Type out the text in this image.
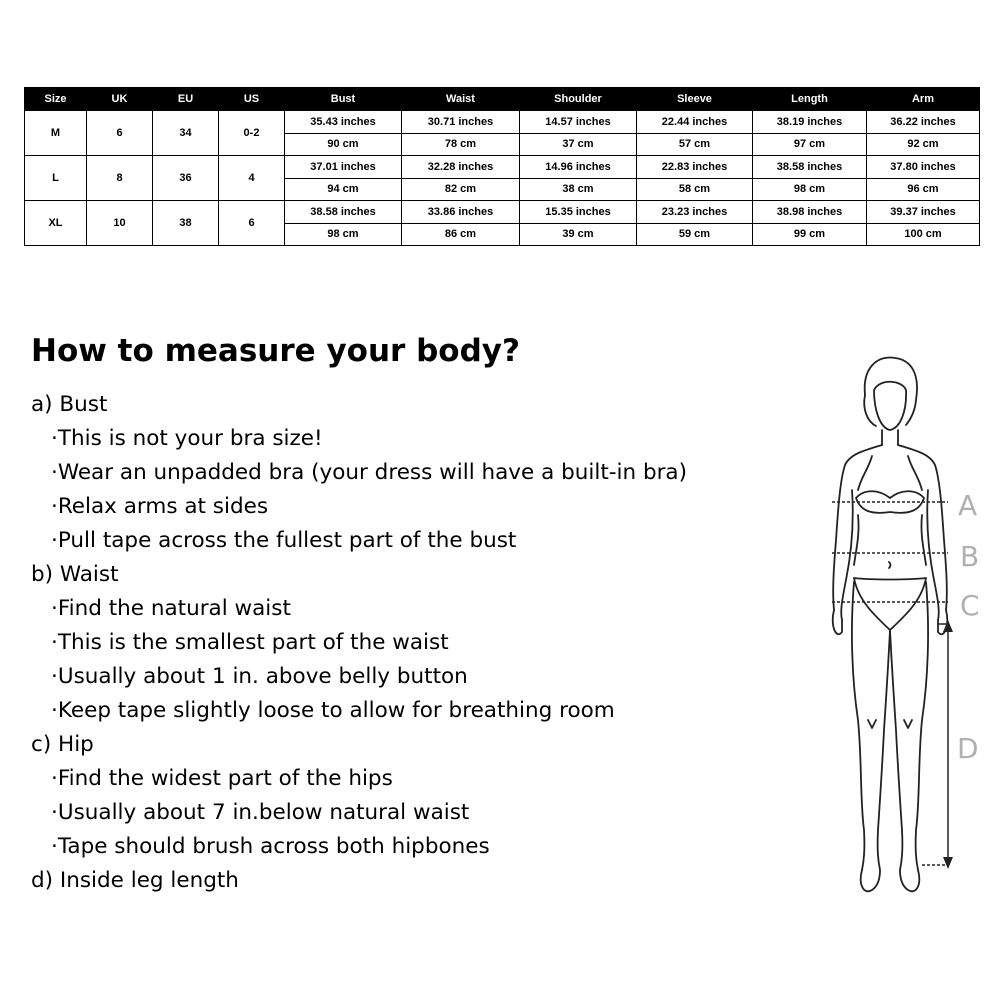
Size	UK	EU	US	Bust	Waist	Shoulder	Sleeve	Length	Arm
M	6	34	0-2	35.43 inches	30.71 inches	14.57 inches	22.44 inches	38.19 inches	36.22 inches
				90 cm	78 cm	37 cm	57 cm	97 cm	92 cm
L	8	36	4	37.01 inches	32.28 inches	14.96 inches	22.83 inches	38.58 inches	37.80 inches
				94 cm	82 cm	38 cm	58 cm	98 cm	96 cm
XL	10	38	6	38.58 inches	33.86 inches	15.35 inches	23.23 inches	38.98 inches	39.37 inches
				98 cm	86 cm	39 cm	59 cm	99 cm	100 cm
How to measure your body?
a) Bust
·This is not your bra size!
·Wear an unpadded bra (your dress will have a built-in bra)
·Relax arms at sides
·Pull tape across the fullest part of the bust
b) Waist
·Find the natural waist
·This is the smallest part of the waist
·Usually about 1 in. above belly button
·Keep tape slightly loose to allow for breathing room
c) Hip
·Find the widest part of the hips
·Usually about 7 in.below natural waist
·Tape should brush across both hipbones
d) Inside leg length
A
B
C
D
